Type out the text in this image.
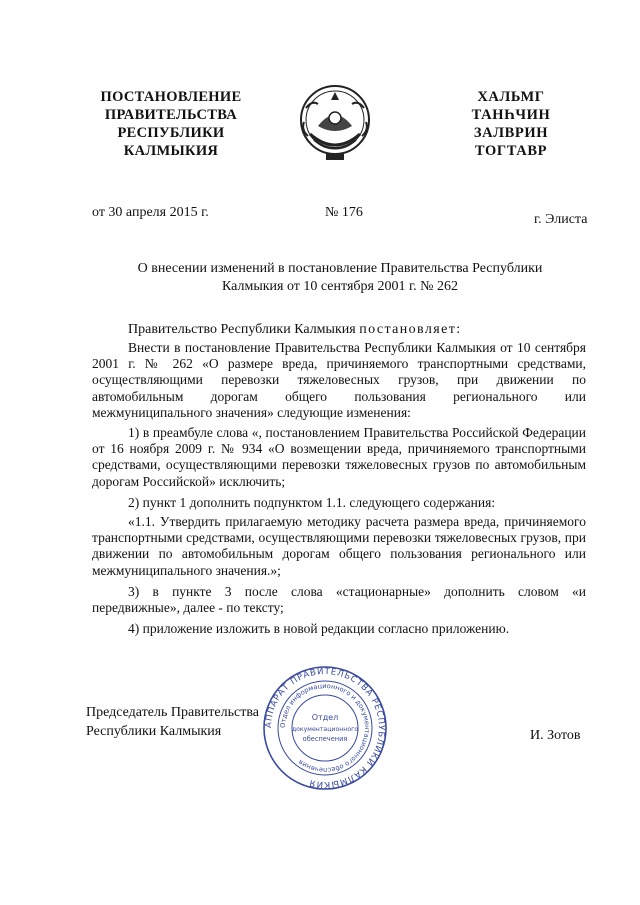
ПОСТАНОВЛЕНИЕ
ПРАВИТЕЛЬСТВА
РЕСПУБЛИКИ
КАЛМЫКИЯ
ХАЛЬМГ
ТАНҺЧИН
ЗАЛВРИН
ТОГТАВР
от 30 апреля 2015 г.	№ 176	г. Элиста
О внесении изменений в постановление Правительства Республики
Калмыкия от 10 сентября 2001 г. № 262
Правительство Республики Калмыкия постановляет:
Внести в постановление Правительства Республики Калмыкия от 10 сентября 2001 г. № 262 «О размере вреда, причиняемого транспортными средствами, осуществляющими перевозки тяжеловесных грузов, при движении по автомобильным дорогам общего пользования регионального или межмуниципального значения» следующие изменения:
1) в преамбуле слова «, постановлением Правительства Российской Федерации от 16 ноября 2009 г. № 934 «О возмещении вреда, причиняемого транспортными средствами, осуществляющими перевозки тяжеловесных грузов по автомобильным дорогам Российской» исключить;
2) пункт 1 дополнить подпунктом 1.1. следующего содержания:
«1.1. Утвердить прилагаемую методику расчета размера вреда, причиняемого транспортными средствами, осуществляющими перевозки тяжеловесных грузов, при движении по автомобильным дорогам общего пользования регионального или межмуниципального значения.»;
3) в пункте 3 после слова «стационарные» дополнить словом «и передвижные», далее - по тексту;
4) приложение изложить в новой редакции согласно приложению.
Председатель Правительства
Республики Калмыкия	АППАРАТ ПРАВИТЕЛЬСТВА РЕСПУБЛИКИ КАЛМЫКИЯ
Отдел информационного и документационного обеспечения
Отдел
документационного
обеспечения	И. Зотов
